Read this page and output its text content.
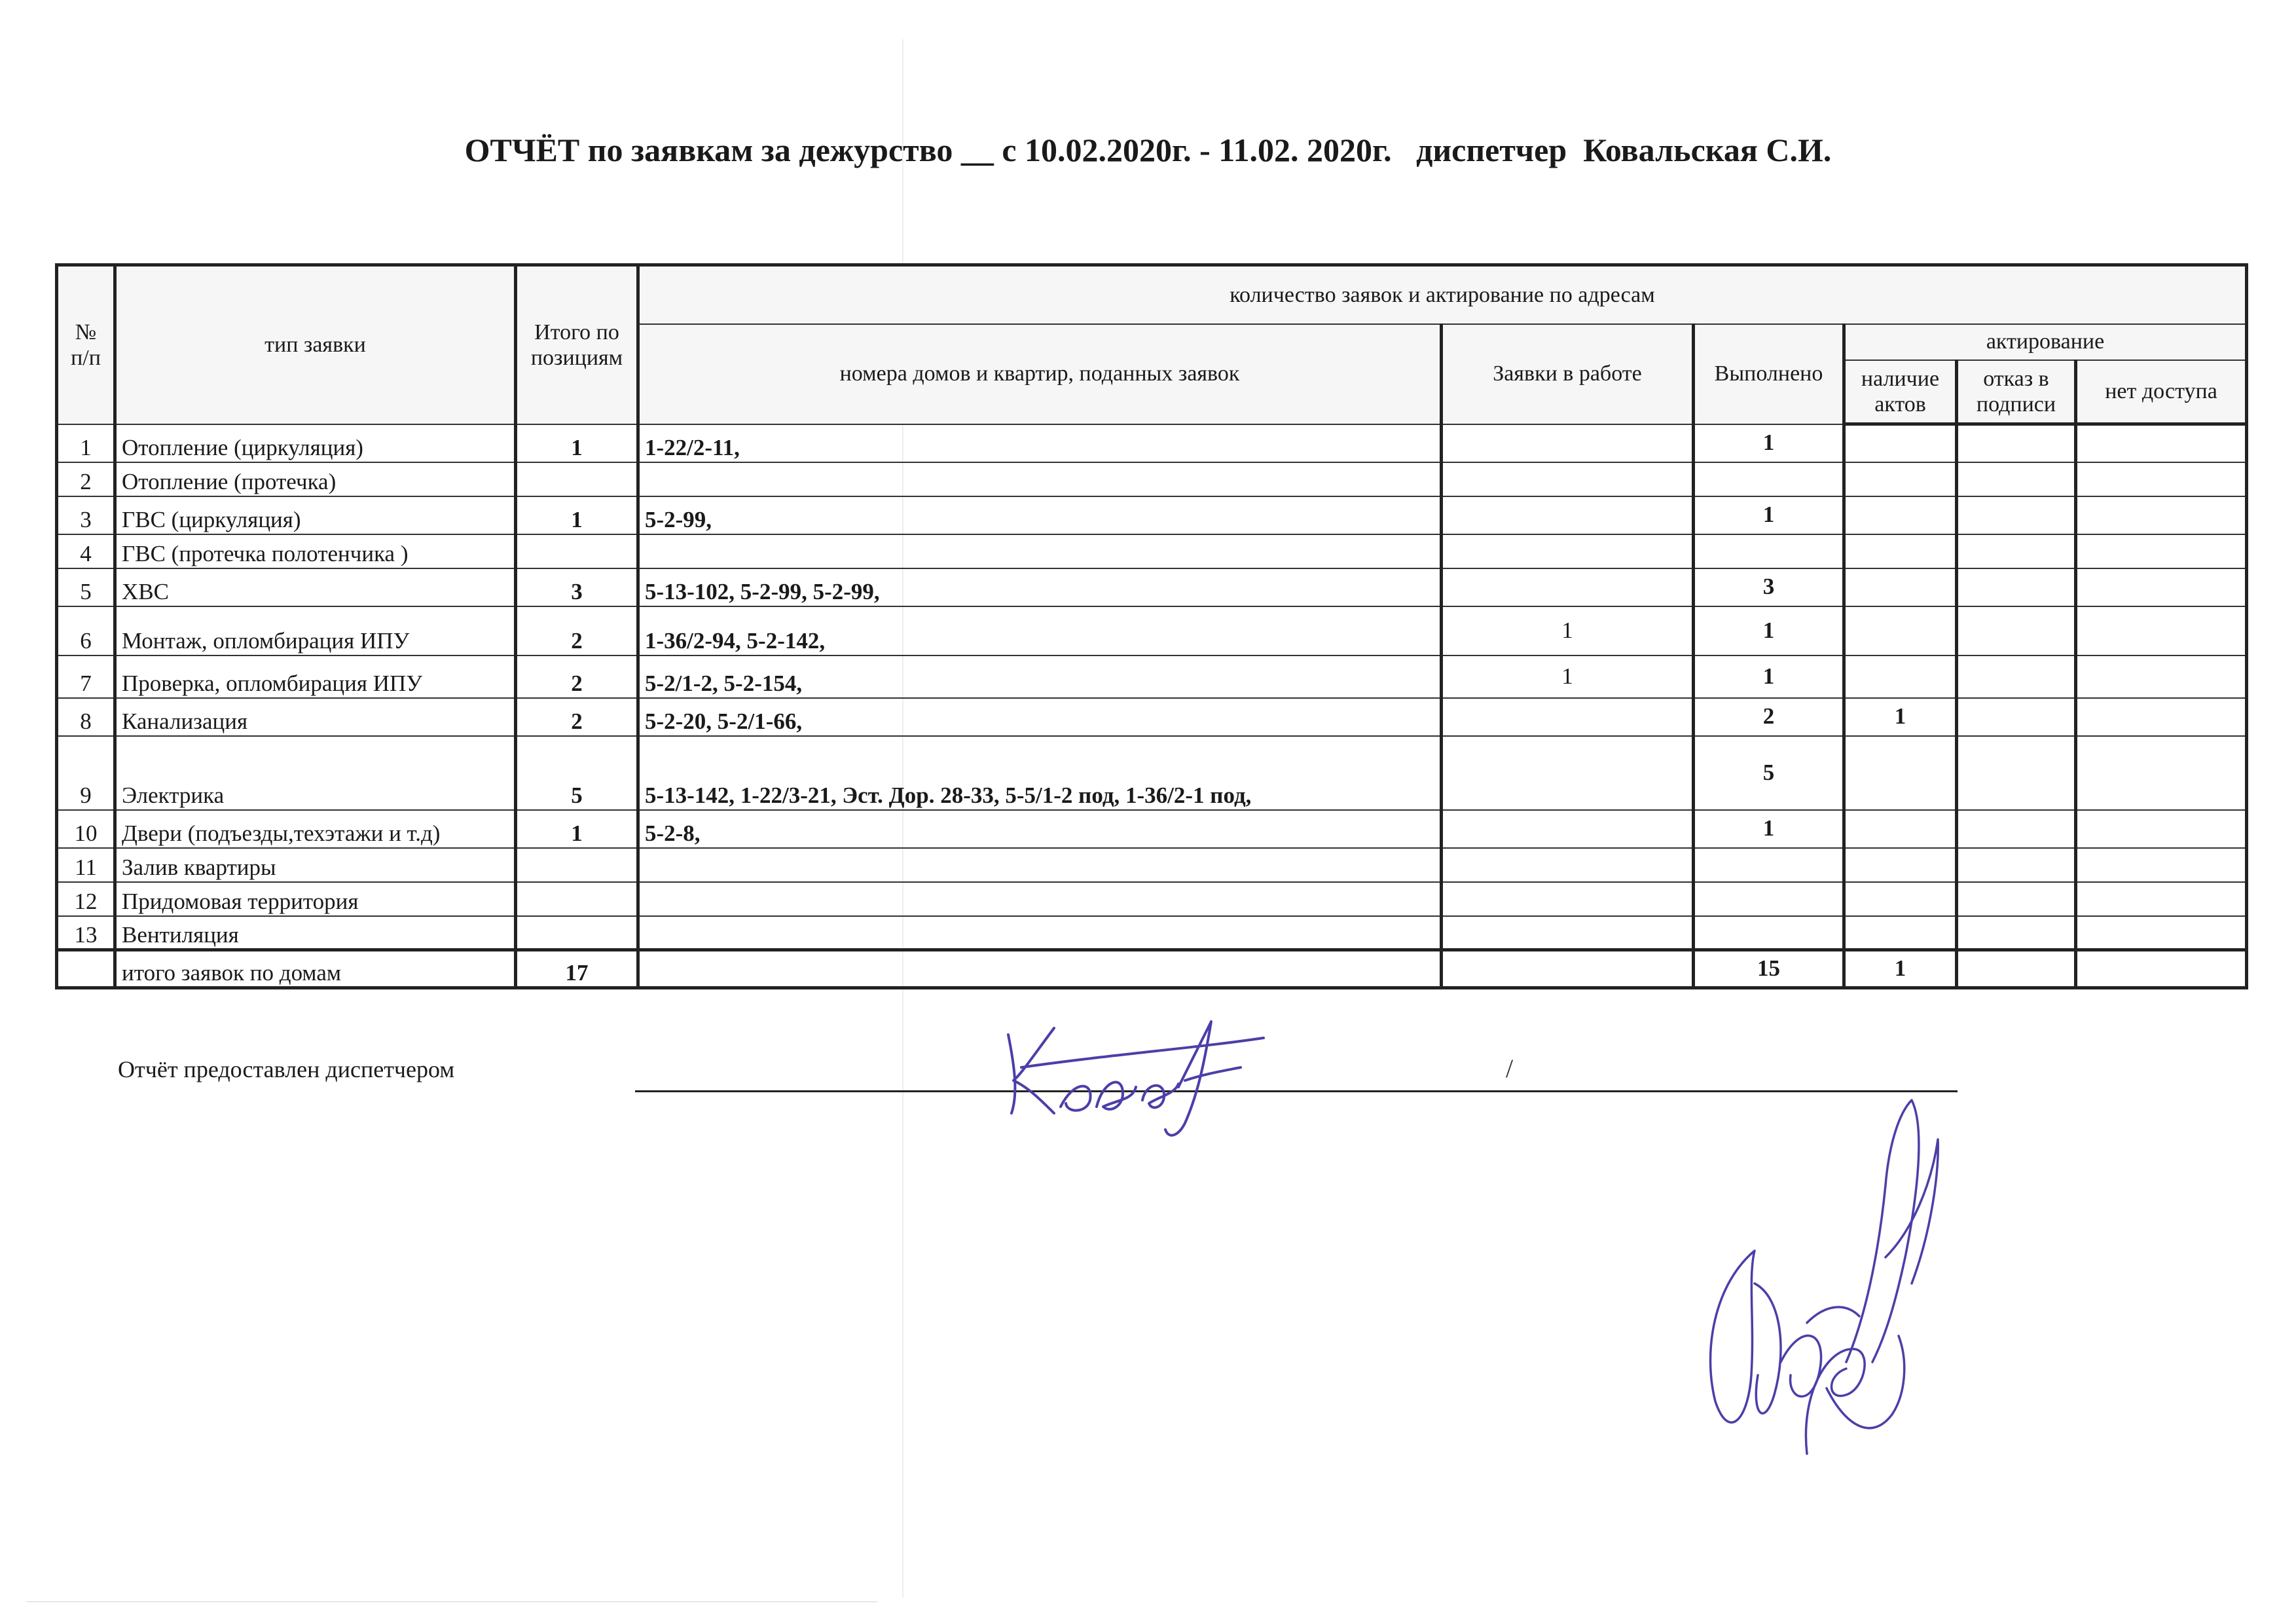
ОТЧЁТ по заявкам за дежурство __ с 10.02.2020г. - 11.02. 2020г.   диспетчер  Ковальская С.И.
№ п/п	тип заявки	Итого по позициям	количество заявок и актирование по адресам					
			номера домов и квартир, поданных заявок	Заявки в работе	Выполнено	актирование		
						наличие актов	отказ в подписи	нет доступа
1	Отопление (циркуляция)	1	1-22/2-11,		1			
2	Отопление (протечка)							
3	ГВС (циркуляция)	1	5-2-99,		1			
4	ГВС (протечка полотенчика )							
5	ХВС	3	5-13-102, 5-2-99, 5-2-99,		3			
6	Монтаж, опломбирация ИПУ	2	1-36/2-94, 5-2-142,	1	1			
7	Проверка, опломбирация ИПУ	2	5-2/1-2, 5-2-154,	1	1			
8	Канализация	2	5-2-20, 5-2/1-66,		2	1		
9	Электрика	5	5-13-142, 1-22/3-21, Эст. Дор. 28-33, 5-5/1-2 под, 1-36/2-1 под,		5			
10	Двери (подъезды,техэтажи и т.д)	1	5-2-8,		1			
11	Залив квартиры							
12	Придомовая территория							
13	Вентиляция							
	итого заявок по домам	17			15	1		
Отчёт предоставлен диспетчером	/
